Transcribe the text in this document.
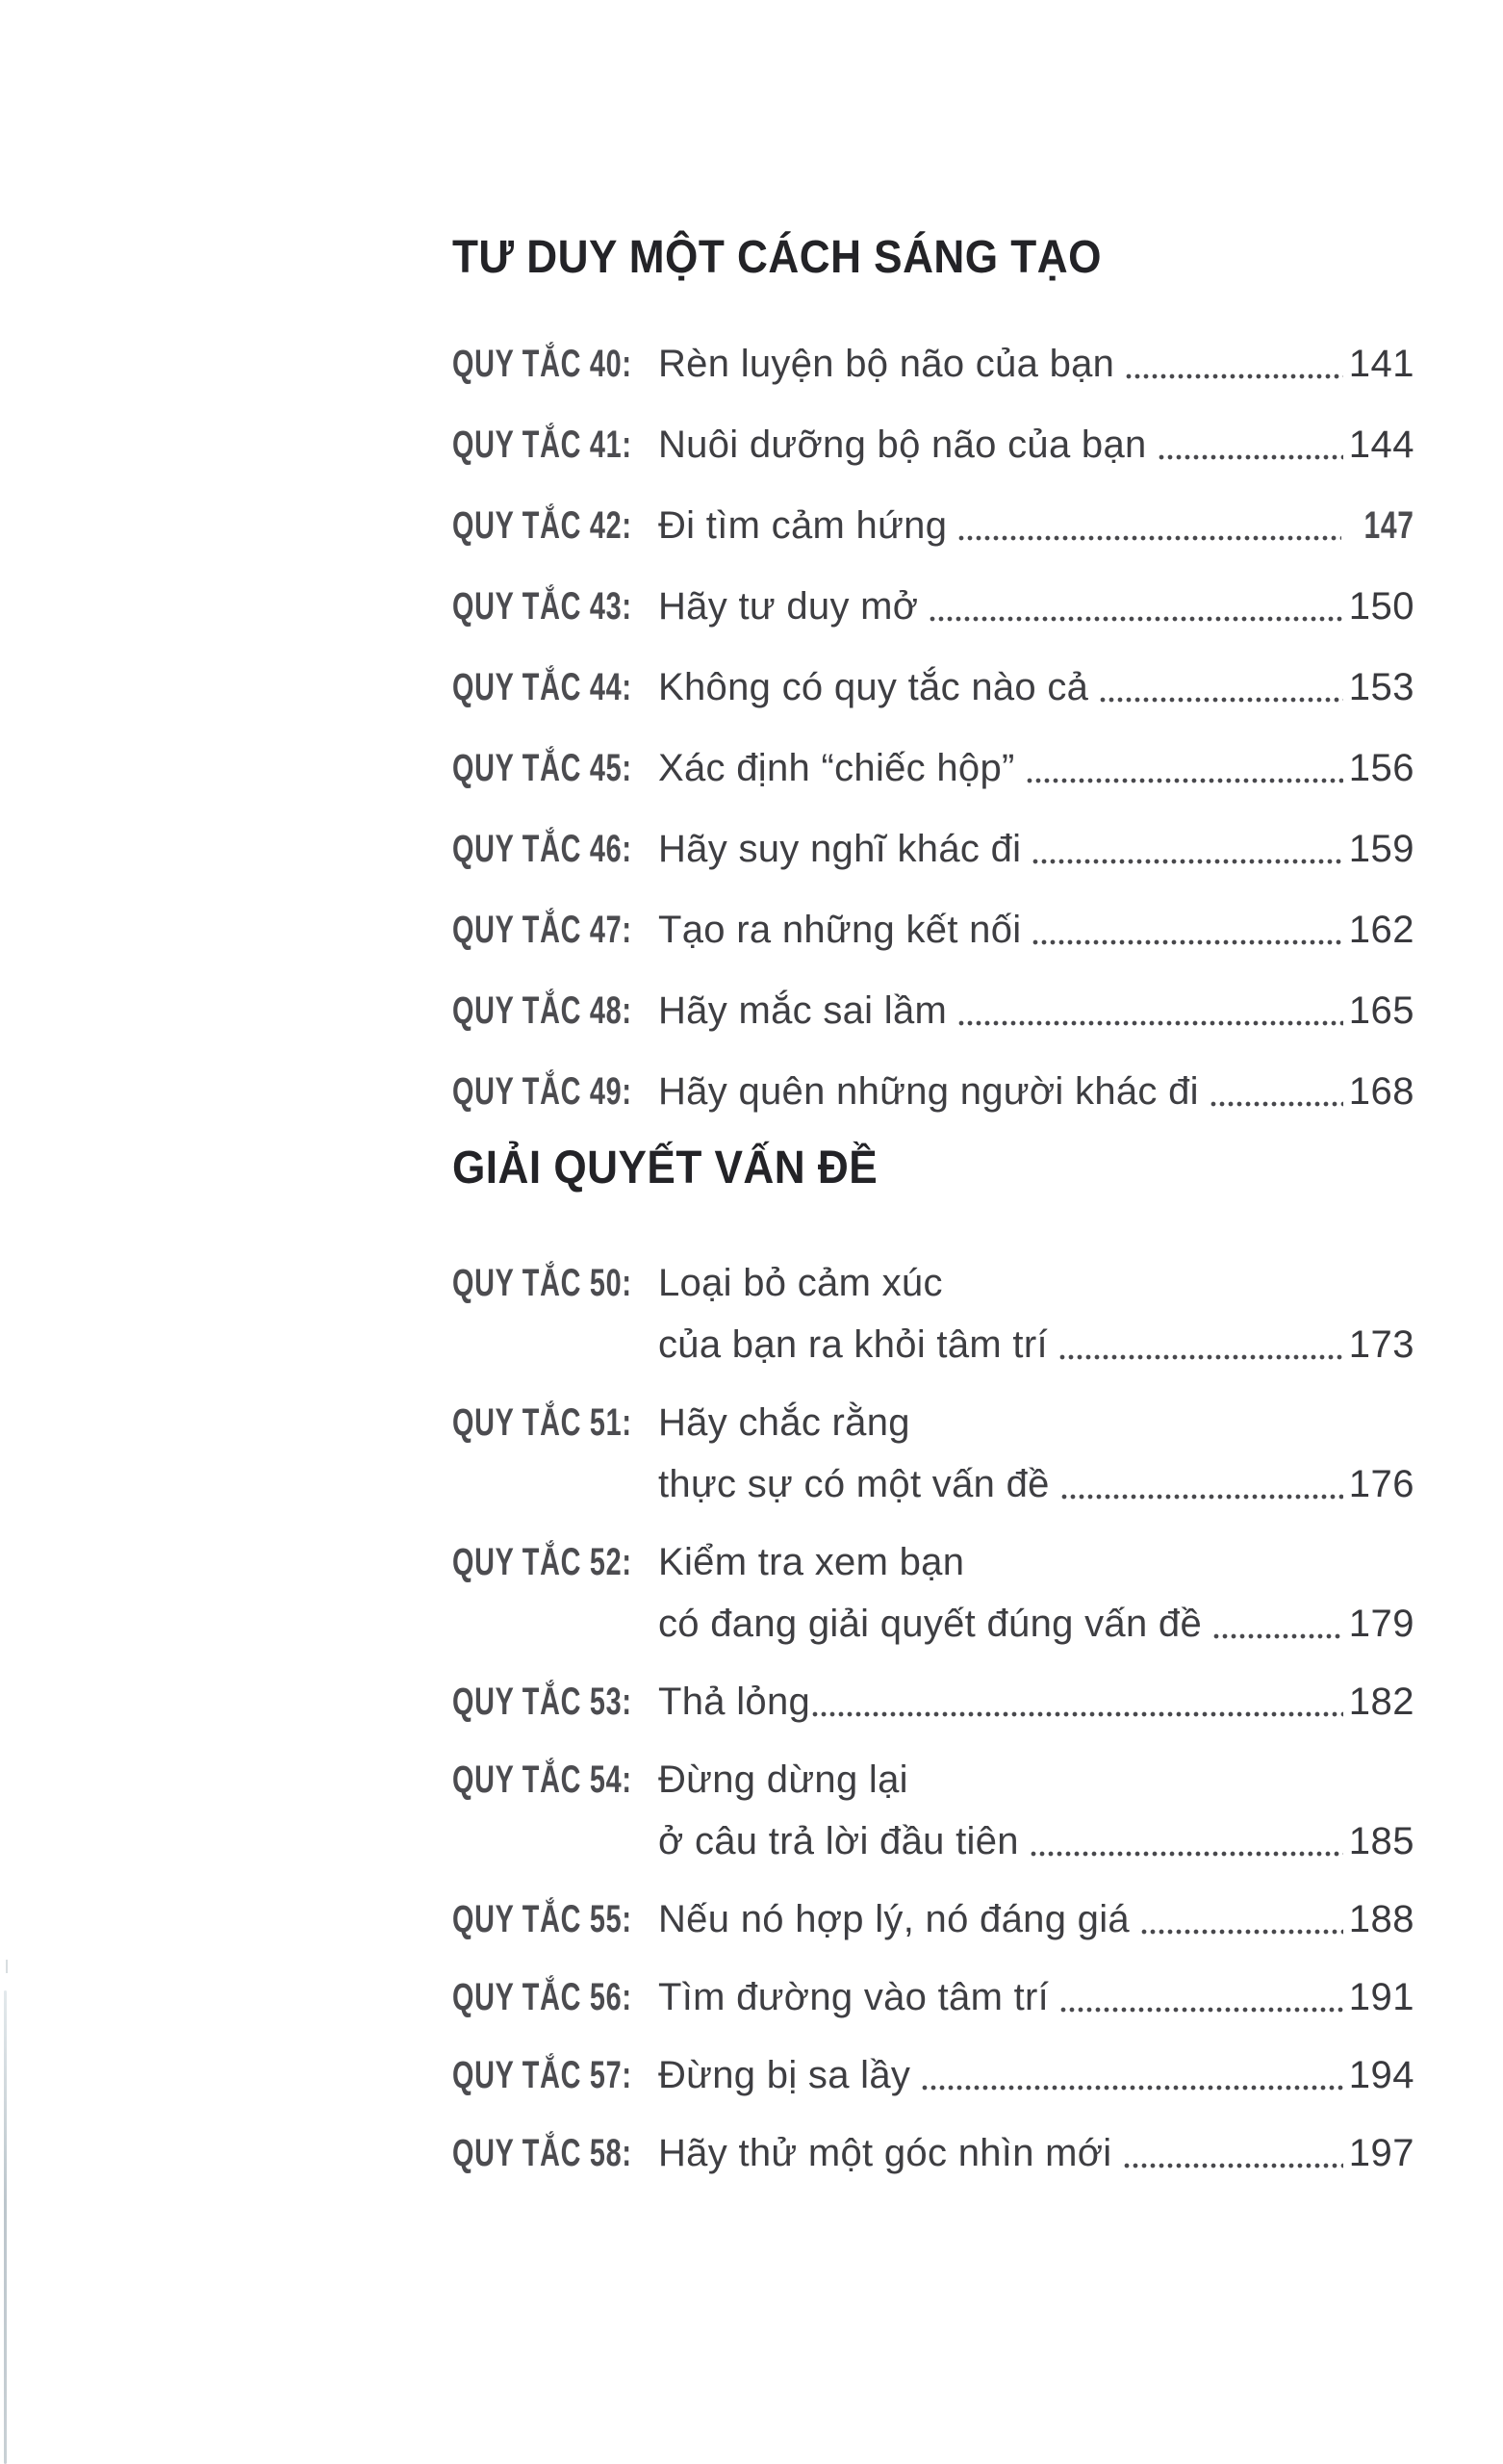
TƯ DUY MỘT CÁCH SÁNG TẠO
QUY TẮC 40: Rèn luyện bộ não của bạn	141
QUY TẮC 41: Nuôi dưỡng bộ não của bạn	144
QUY TẮC 42: Đi tìm cảm hứng	147
QUY TẮC 43: Hãy tư duy mở	150
QUY TẮC 44: Không có quy tắc nào cả	153
QUY TẮC 45: Xác định “chiếc hộp”	156
QUY TẮC 46: Hãy suy nghĩ khác đi	159
QUY TẮC 47: Tạo ra những kết nối	162
QUY TẮC 48: Hãy mắc sai lầm	165
QUY TẮC 49: Hãy quên những người khác đi	168
GIẢI QUYẾT VẤN ĐỀ
QUY TẮC 50: Loại bỏ cảm xúc
của bạn ra khỏi tâm trí	173
QUY TẮC 51: Hãy chắc rằng
thực sự có một vấn đề	176
QUY TẮC 52: Kiểm tra xem bạn
có đang giải quyết đúng vấn đề	179
QUY TẮC 53: Thả lỏng	182
QUY TẮC 54: Đừng dừng lại
ở câu trả lời đầu tiên	185
QUY TẮC 55: Nếu nó hợp lý, nó đáng giá	188
QUY TẮC 56: Tìm đường vào tâm trí	191
QUY TẮC 57: Đừng bị sa lầy	194
QUY TẮC 58: Hãy thử một góc nhìn mới	197
